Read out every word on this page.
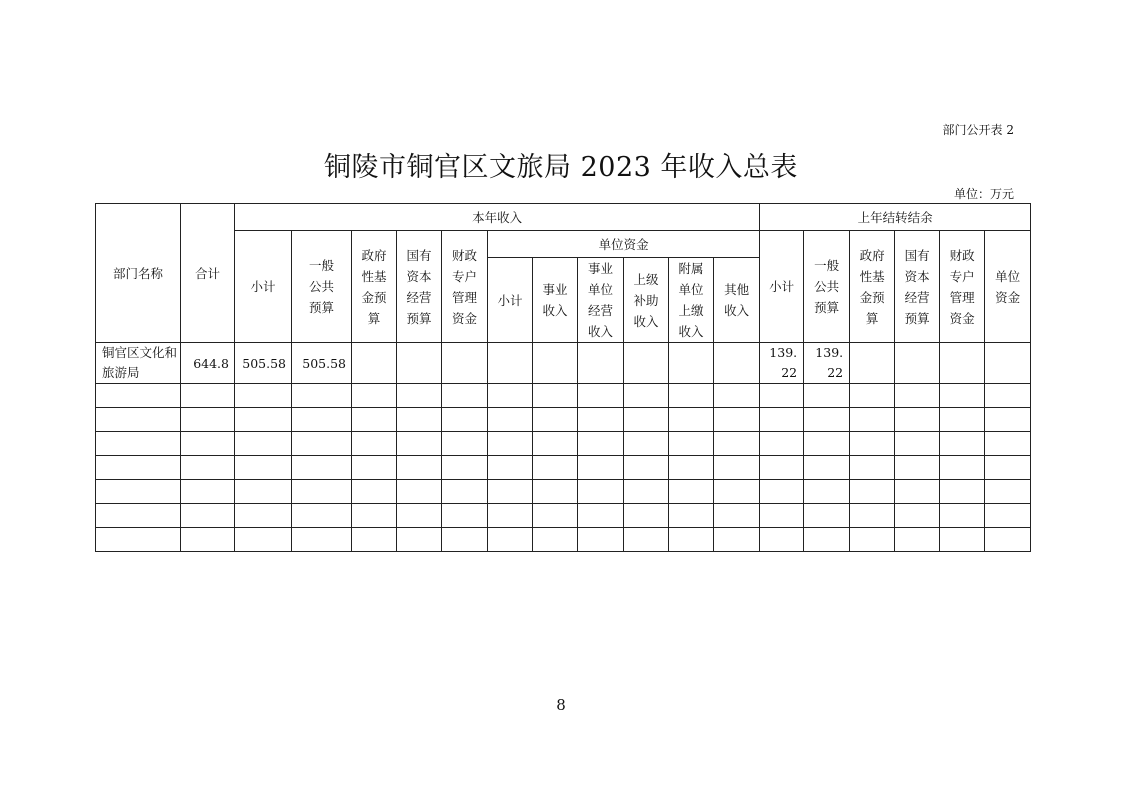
部门公开表 2
铜陵市铜官区文旅局 2023 年收入总表
单位：万元
部门名称	合计	本年收入											上年结转结余					
		小计	一般公共预算	政府性基金预算	国有资本经营预算	财政专户管理资金	单位资金						小计	一般公共预算	政府性基金预算	国有资本经营预算	财政专户管理资金	单位资金

							小计	事业收入	事业单位经营收入	上级补助收入	附属单位上缴收入	其他收入						

铜官区文化和旅游局	644.8	505.58	505.58										139.22	139.22				

8
